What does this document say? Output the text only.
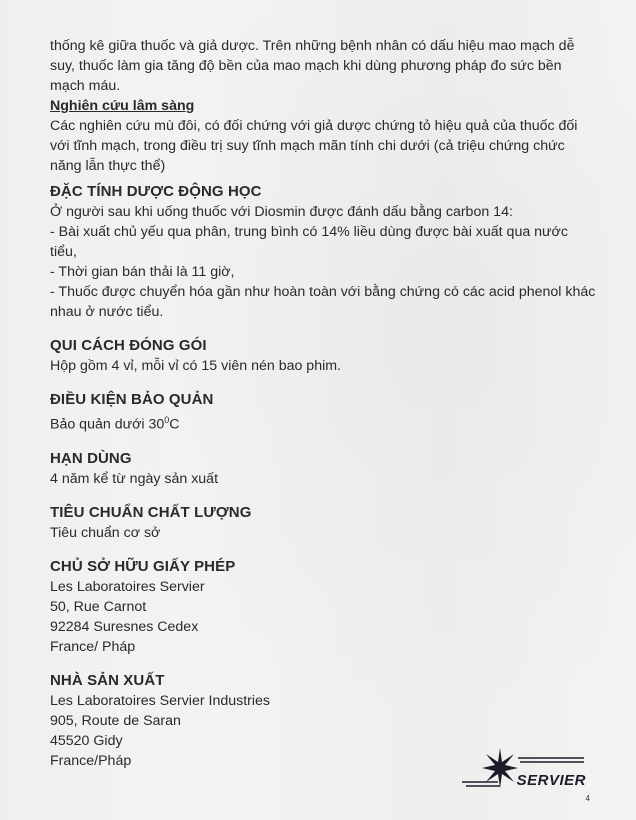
thống kê giữa thuốc và giả dược. Trên những bệnh nhân có dấu hiệu mao mạch dễ

suy, thuốc làm gia tăng độ bền của mao mạch khi dùng phương pháp đo sức bền

mạch máu.

Nghiên cứu lâm sàng

Các nghiên cứu mù đôi, có đối chứng với giả dược chứng tỏ hiệu quả của thuốc đối

với tĩnh mạch, trong điều trị suy tĩnh mạch mãn tính chi dưới (cả triệu chứng chức

năng lẫn thực thể)

ĐẶC TÍNH DƯỢC ĐỘNG HỌC

Ở người sau khi uống thuốc với Diosmin được đánh dấu bằng carbon 14:

- Bài xuất chủ yếu qua phân, trung bình có 14% liều dùng được bài xuất qua nước

tiểu,

- Thời gian bán thải là 11 giờ,

- Thuốc được chuyển hóa gần như hoàn toàn với bằng chứng có các acid phenol khác

nhau ở nước tiểu.

QUI CÁCH ĐÓNG GÓI

Hộp gồm 4 vỉ, mỗi vỉ có 15 viên nén bao phim.

ĐIỀU KIỆN BẢO QUẢN

Bảo quản dưới $30^0C$

HẠN DÙNG

4 năm kể từ ngày sản xuất

TIÊU CHUẨN CHẤT LƯỢNG

Tiêu chuẩn cơ sở

CHỦ SỞ HỮU GIẤY PHÉP

Les Laboratoires Servier

50, Rue Carnot

92284 Suresnes Cedex

France/ Pháp

NHÀ SẢN XUẤT

Les Laboratoires Servier Industries

905, Route de Saran

45520 Gidy

France/Pháp

SERVIER
4
